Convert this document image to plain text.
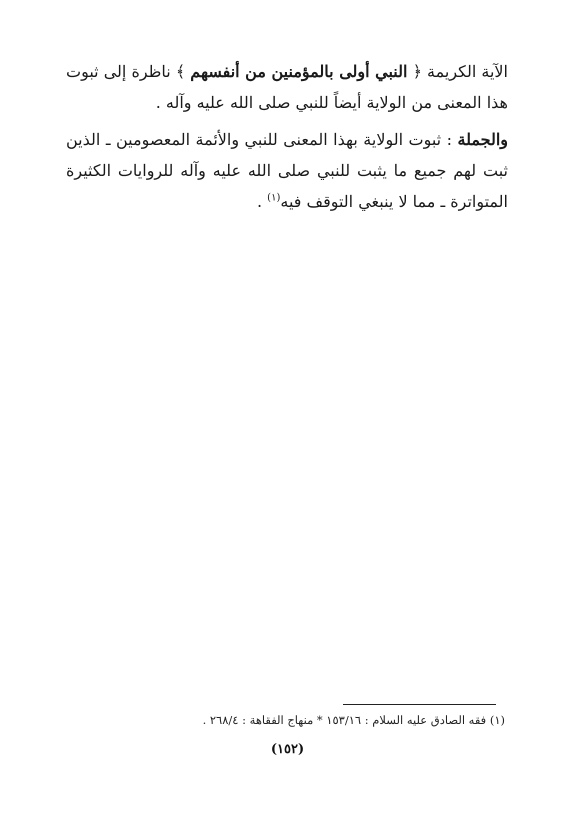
الآية الكريمة ﴿ النبي أولى بالمؤمنين من أنفسهم ﴾ ناظرة إلى ثبوت هذا المعنى من الولاية أيضاً للنبي صلى الله عليه وآله .

والجملة : ثبوت الولاية بهذا المعنى للنبي والأئمة المعصومين ـ الذين ثبت لهم جميع ما يثبت للنبي صلى الله عليه وآله للروايات الكثيرة المتواترة ـ مما لا ينبغي التوقف فيه$^{(١)}$ .

(١) فقه الصادق عليه السلام : ١٥٣/١٦ * منهاج الفقاهة : ٢٦٨/٤ .
(١٥٢)
